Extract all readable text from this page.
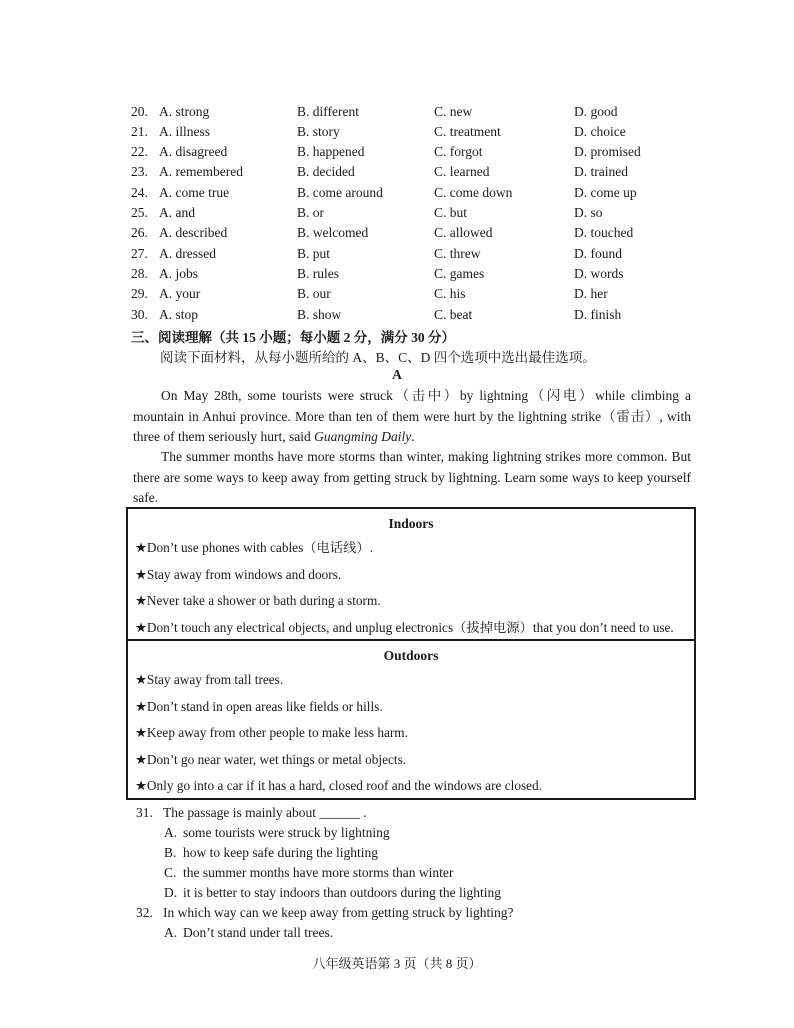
20. A. strong	B. different	C. new	D. good
21. A. illness	B. story	C. treatment	D. choice
22. A. disagreed	B. happened	C. forgot	D. promised
23. A. remembered	B. decided	C. learned	D. trained
24. A. come true	B. come around	C. come down	D. come up
25. A. and	B. or	C. but	D. so
26. A. described	B. welcomed	C. allowed	D. touched
27. A. dressed	B. put	C. threw	D. found
28. A. jobs	B. rules	C. games	D. words
29. A. your	B. our	C. his	D. her
30. A. stop	B. show	C. beat	D. finish
三、阅读理解（共 15 小题；每小题 2 分，满分 30 分）
阅读下面材料，从每小题所给的 A、B、C、D 四个选项中选出最佳选项。
A

On May 28th, some tourists were struck（击中）by lightning（闪电）while climbing a mountain in Anhui province. More than ten of them were hurt by the lightning strike（雷击）, with three of them seriously hurt, said Guangming Daily.

The summer months have more storms than winter, making lightning strikes more common. But there are some ways to keep away from getting struck by lightning. Learn some ways to keep yourself safe.

Indoors
★Don’t use phones with cables（电话线）.
★Stay away from windows and doors.
★Never take a shower or bath during a storm.
★Don’t touch any electrical objects, and unplug electronics（拔掉电源）that you don’t need to use.
Outdoors
★Stay away from tall trees.
★Don’t stand in open areas like fields or hills.
★Keep away from other people to make less harm.
★Don’t go near water, wet things or metal objects.
★Only go into a car if it has a hard, closed roof and the windows are closed.
31. The passage is mainly about ______ .
A. some tourists were struck by lightning
B. how to keep safe during the lighting
C. the summer months have more storms than winter
D. it is better to stay indoors than outdoors during the lighting
32. In which way can we keep away from getting struck by lighting?
A. Don’t stand under tall trees.
八年级英语第 3 页（共 8 页）
